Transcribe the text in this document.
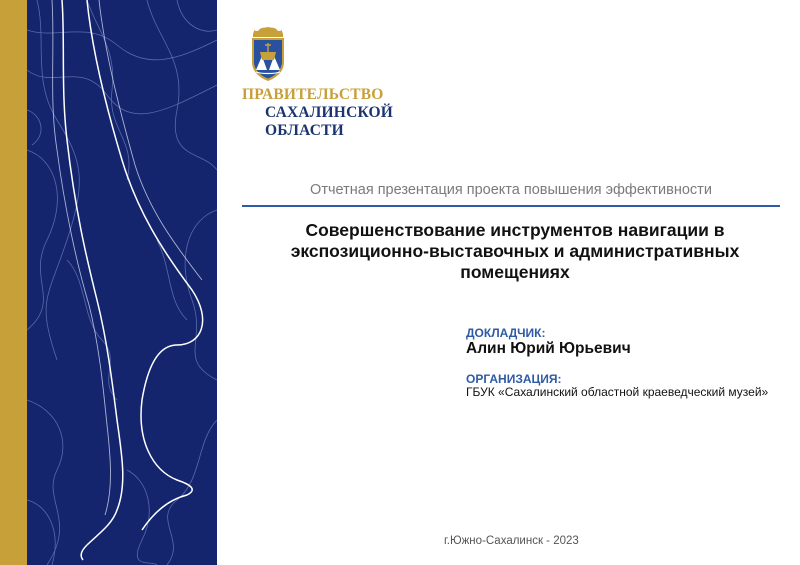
ПРАВИТЕЛЬСТВО
САХАЛИНСКОЙ
ОБЛАСТИ
Отчетная презентация проекта повышения эффективности
Совершенствование инструментов навигации в экспозиционно-выставочных и административных помещениях
ДОКЛАДЧИК:
Алин Юрий Юрьевич
ОРГАНИЗАЦИЯ:
ГБУК «Сахалинский областной краеведческий музей»
г.Южно-Сахалинск - 2023
